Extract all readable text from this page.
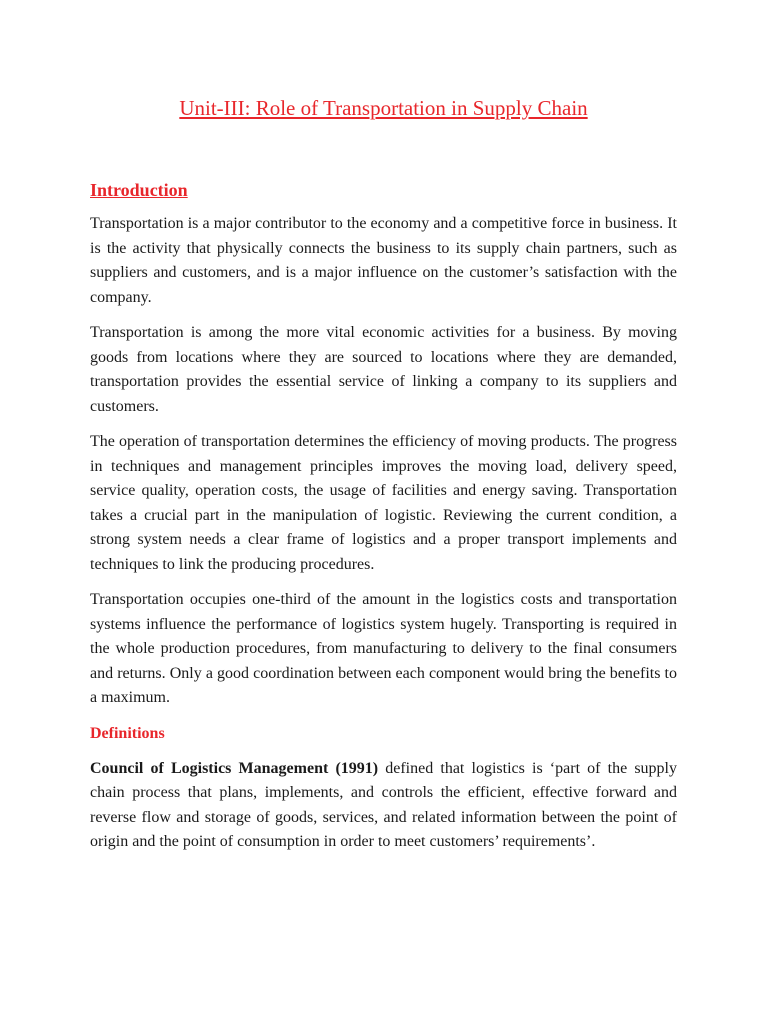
Unit-III: Role of Transportation in Supply Chain
Introduction

Transportation is a major contributor to the economy and a competitive force in business. It is the activity that physically connects the business to its supply chain partners, such as suppliers and customers, and is a major influence on the customer’s satisfaction with the company.

Transportation is among the more vital economic activities for a business. By moving goods from locations where they are sourced to locations where they are demanded, transportation provides the essential service of linking a company to its suppliers and customers.

The operation of transportation determines the efficiency of moving products. The progress in techniques and management principles improves the moving load, delivery speed, service quality, operation costs, the usage of facilities and energy saving. Transportation takes a crucial part in the manipulation of logistic. Reviewing the current condition, a strong system needs a clear frame of logistics and a proper transport implements and techniques to link the producing procedures.

Transportation occupies one-third of the amount in the logistics costs and transportation systems influence the performance of logistics system hugely. Transporting is required in the whole production procedures, from manufacturing to delivery to the final consumers and returns. Only a good coordination between each component would bring the benefits to a maximum.

Definitions

Council of Logistics Management (1991) defined that logistics is ‘part of the supply chain process that plans, implements, and controls the efficient, effective forward and reverse flow and storage of goods, services, and related information between the point of origin and the point of consumption in order to meet customers’ requirements’.
